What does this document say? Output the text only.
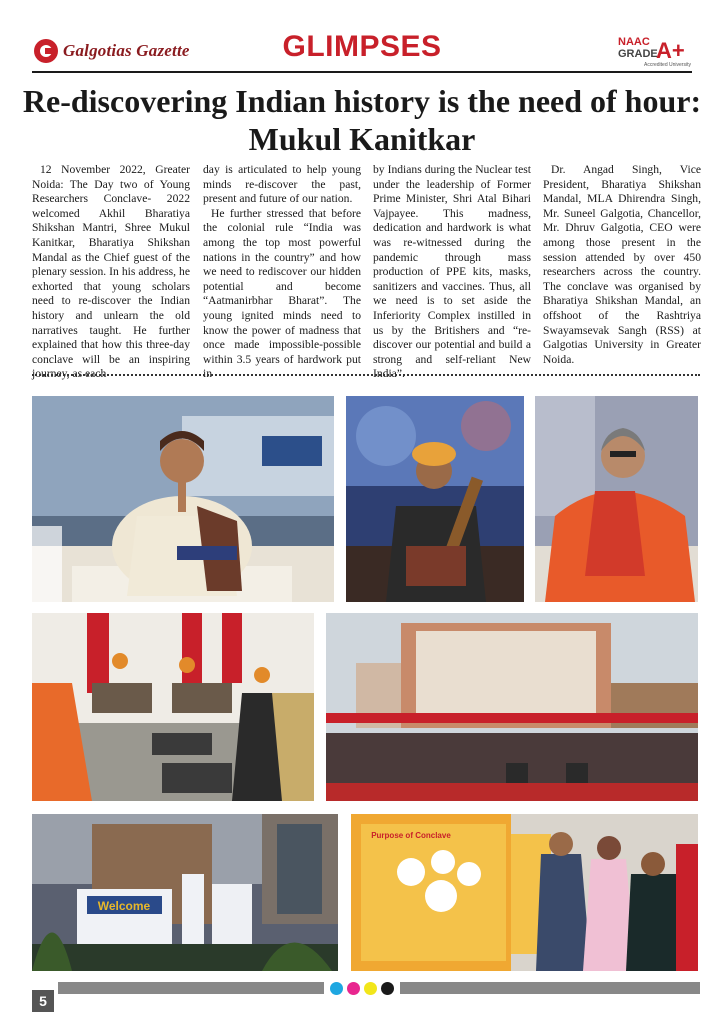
Galgotias Gazette	GLIMPSES	NAAC
GRADE
A+
Accredited University
Re-discovering Indian history is the need of hour: Mukul Kanitkar

12 November 2022, Greater Noida: The Day two of Young Researchers Conclave- 2022 welcomed Akhil Bharatiya Shikshan Mantri, Shree Mukul Kanitkar, Bharatiya Shikshan Mandal as the Chief guest of the plenary session. In his address, he exhorted that young scholars need to re-discover the Indian history and unlearn the old narratives taught. He further explained that how this three-day conclave will be an inspiring journey, as each

day is articulated to help young minds re-discover the past, present and future of our nation.

He further stressed that before the colonial rule “India was among the top most powerful nations in the country” and how we need to rediscover our hidden potential and become “Aatmanirbhar Bharat”. The young ignited minds need to know the power of madness that once made impossible-possible within 3.5 years of hardwork put in

by Indians during the Nuclear test under the leadership of Former Prime Minister, Shri Atal Bihari Vajpayee. This madness, dedication and hardwork is what was re-witnessed during the pandemic through mass production of PPE kits, masks, sanitizers and vaccines. Thus, all we need is to set aside the Inferiority Complex instilled in us by the Britishers and “re-discover our potential and build a strong and self-reliant New India”.

Dr. Angad Singh, Vice President, Bharatiya Shikshan Mandal, MLA Dhirendra Singh, Mr. Suneel Galgotia, Chancellor, Mr. Dhruv Galgotia, CEO were among those present in the session attended by over 450 researchers across the country. The conclave was organised by Bharatiya Shikshan Mandal, an offshoot of the Rashtriya Swayamsevak Sangh (RSS) at Galgotias University in Greater Noida.

Welcome
Purpose of Conclave
5
